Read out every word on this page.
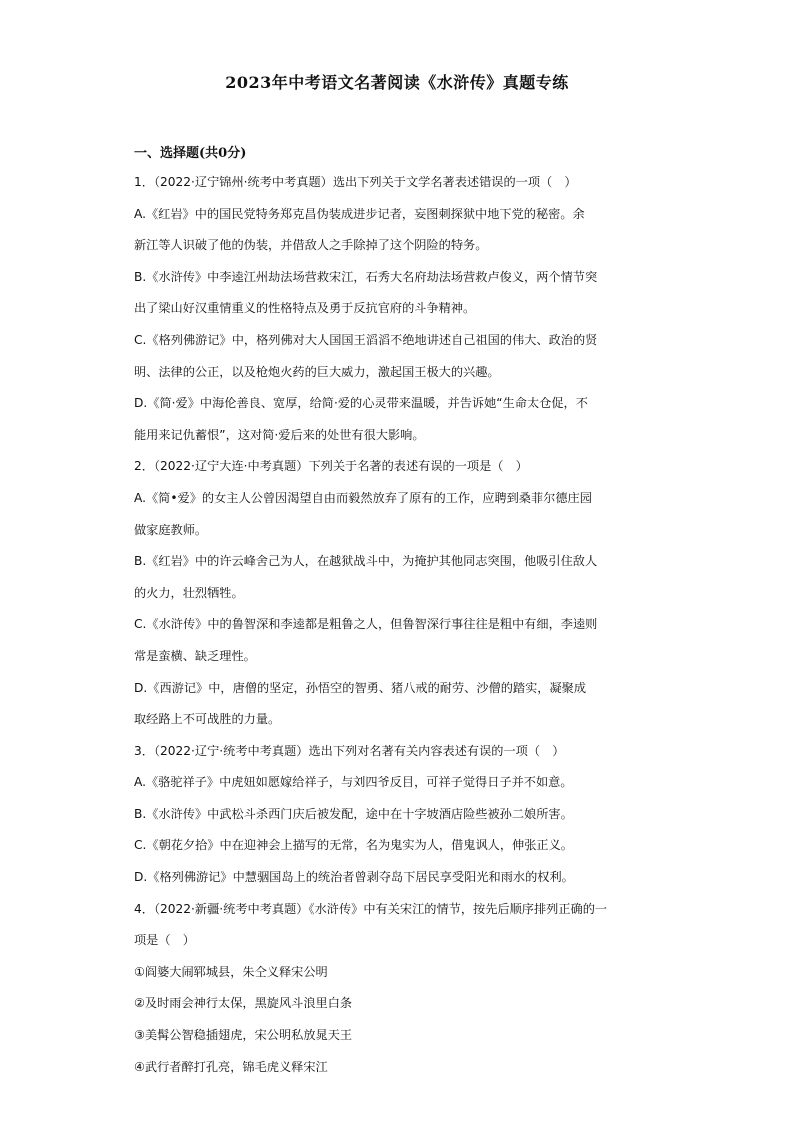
2023年中考语文名著阅读《水浒传》真题专练
一、选择题(共0分)
1．（2022·辽宁锦州·统考中考真题）选出下列关于文学名著表述错误的一项（　）
A.《红岩》中的国民党特务郑克昌伪装成进步记者，妄图刺探狱中地下党的秘密。余
新江等人识破了他的伪装，并借敌人之手除掉了这个阴险的特务。
B.《水浒传》中李逵江州劫法场营救宋江，石秀大名府劫法场营救卢俊义，两个情节突
出了梁山好汉重情重义的性格特点及勇于反抗官府的斗争精神。
C.《格列佛游记》中，格列佛对大人国国王滔滔不绝地讲述自己祖国的伟大、政治的贤
明、法律的公正，以及枪炮火药的巨大威力，激起国王极大的兴趣。
D.《简·爱》中海伦善良、宽厚，给简·爱的心灵带来温暖，并告诉她“生命太仓促，不
能用来记仇蓄恨”，这对简·爱后来的处世有很大影响。
2．（2022·辽宁大连·中考真题）下列关于名著的表述有误的一项是（　）
A.《简•爱》的女主人公曾因渴望自由而毅然放弃了原有的工作，应聘到桑菲尔德庄园
做家庭教师。
B.《红岩》中的许云峰舍己为人，在越狱战斗中，为掩护其他同志突围，他吸引住敌人
的火力，壮烈牺牲。
C.《水浒传》中的鲁智深和李逵都是粗鲁之人，但鲁智深行事往往是粗中有细，李逵则
常是蛮横、缺乏理性。
D.《西游记》中，唐僧的坚定，孙悟空的智勇、猪八戒的耐劳、沙僧的踏实，凝聚成
取经路上不可战胜的力量。
3．（2022·辽宁·统考中考真题）选出下列对名著有关内容表述有误的一项（　）
A.《骆驼祥子》中虎妞如愿嫁给祥子，与刘四爷反目，可祥子觉得日子并不如意。
B.《水浒传》中武松斗杀西门庆后被发配，途中在十字坡酒店险些被孙二娘所害。
C.《朝花夕拾》中在迎神会上描写的无常，名为鬼实为人，借鬼讽人，伸张正义。
D.《格列佛游记》中慧骃国岛上的统治者曾剥夺岛下居民享受阳光和雨水的权利。
4．（2022·新疆·统考中考真题）《水浒传》中有关宋江的情节，按先后顺序排列正确的一
项是（　）
①阎婆大闹郓城县，朱仝义释宋公明
②及时雨会神行太保，黑旋风斗浪里白条
③美髯公智稳插翅虎，宋公明私放晁天王
④武行者醉打孔亮，锦毛虎义释宋江
